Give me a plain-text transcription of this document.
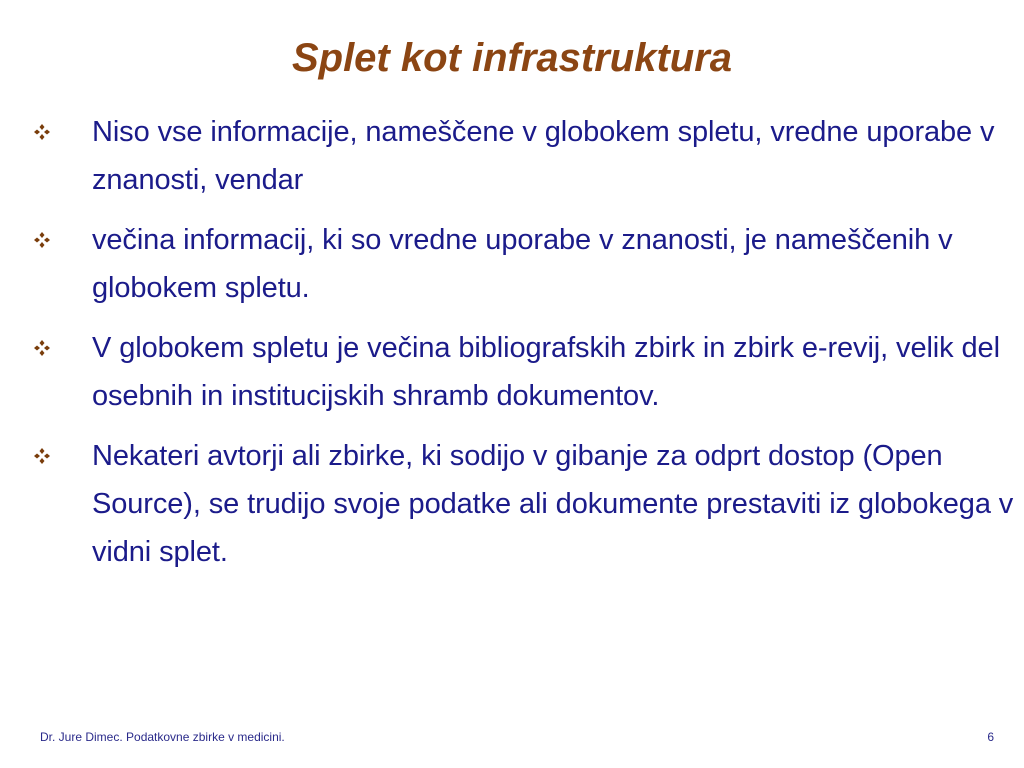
Splet kot infrastruktura
Niso vse informacije, nameščene v globokem spletu, vredne uporabe v znanosti, vendar
večina informacij, ki so vredne uporabe v znanosti, je nameščenih v globokem spletu.
V globokem spletu je večina bibliografskih zbirk in zbirk e-revij, velik del osebnih in institucijskih shramb dokumentov.
Nekateri avtorji ali zbirke, ki sodijo v gibanje za odprt dostop (Open Source), se trudijo svoje podatke ali dokumente prestaviti iz globokega v vidni splet.
Dr. Jure Dimec. Podatkovne zbirke v medicini.	6
